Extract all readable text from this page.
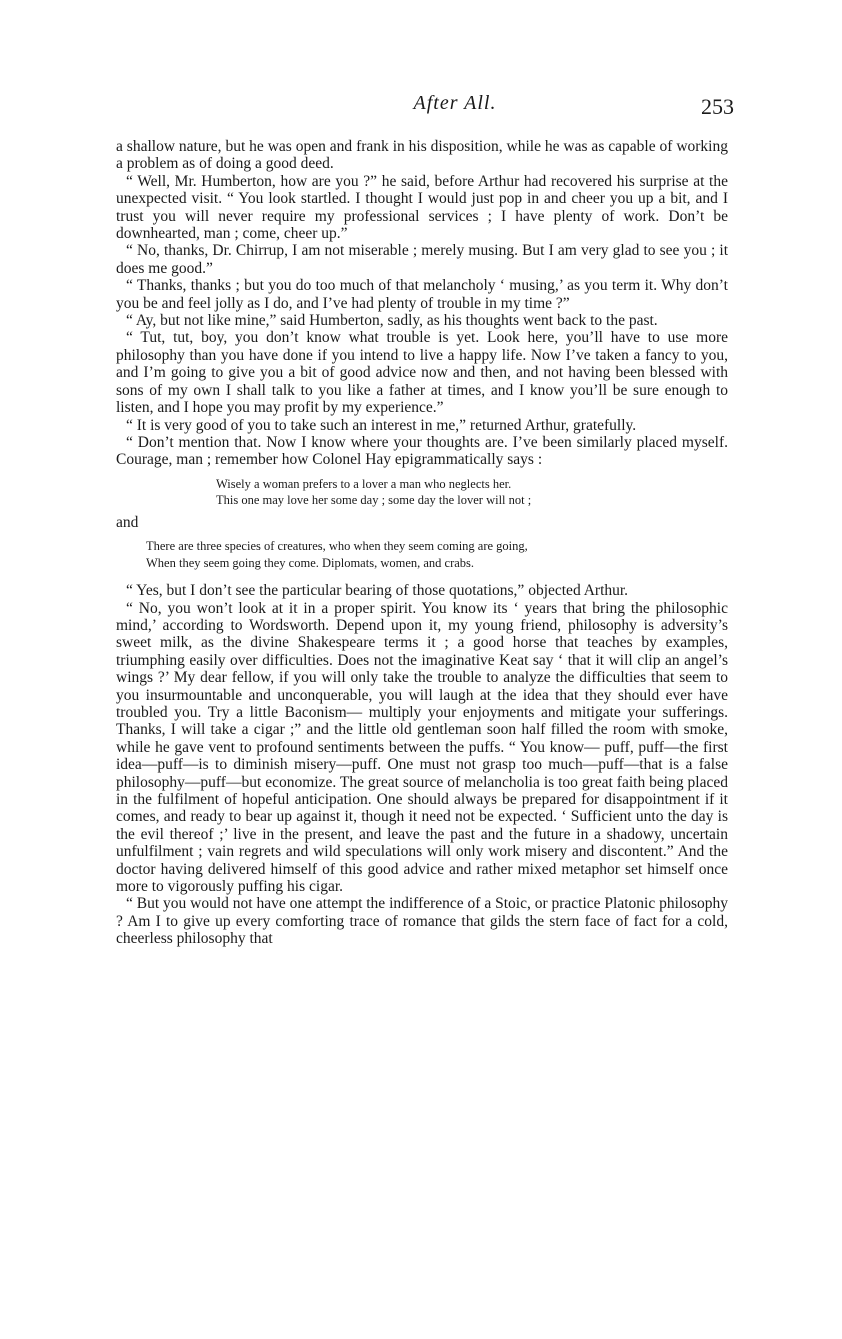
After All.	253

a shallow nature, but he was open and frank in his disposition, while he was as capable of working a problem as of doing a good deed.

“ Well, Mr. Humberton, how are you ?” he said, before Arthur had recovered his surprise at the unexpected visit. “ You look startled. I thought I would just pop in and cheer you up a bit, and I trust you will never require my professional services ; I have plenty of work. Don’t be downhearted, man ; come, cheer up.”

“ No, thanks, Dr. Chirrup, I am not miserable ; merely musing. But I am very glad to see you ; it does me good.”

“ Thanks, thanks ; but you do too much of that melancholy ‘ musing,’ as you term it. Why don’t you be and feel jolly as I do, and I’ve had plenty of trouble in my time ?”

“ Ay, but not like mine,” said Humberton, sadly, as his thoughts went back to the past.

“ Tut, tut, boy, you don’t know what trouble is yet. Look here, you’ll have to use more philosophy than you have done if you intend to live a happy life. Now I’ve taken a fancy to you, and I’m going to give you a bit of good advice now and then, and not having been blessed with sons of my own I shall talk to you like a father at times, and I know you’ll be sure enough to listen, and I hope you may profit by my experience.”

“ It is very good of you to take such an interest in me,” returned Arthur, gratefully.

“ Don’t mention that. Now I know where your thoughts are. I’ve been similarly placed myself. Courage, man ; remember how Colonel Hay epigrammatically says :

Wisely a woman prefers to a lover a man who neglects her.
This one may love her some day ; some day the lover will not ;

and

There are three species of creatures, who when they seem coming are going,
When they seem going they come. Diplomats, women, and crabs.

“ Yes, but I don’t see the particular bearing of those quotations,” objected Arthur.

“ No, you won’t look at it in a proper spirit. You know its ‘ years that bring the philosophic mind,’ according to Wordsworth. Depend upon it, my young friend, philosophy is adversity’s sweet milk, as the divine Shakespeare terms it ; a good horse that teaches by examples, triumphing easily over difficulties. Does not the imaginative Keat say ‘ that it will clip an angel’s wings ?’ My dear fellow, if you will only take the trouble to analyze the difficulties that seem to you insurmountable and unconquerable, you will laugh at the idea that they should ever have troubled you. Try a little Baconism— multiply your enjoyments and mitigate your sufferings. Thanks, I will take a cigar ;” and the little old gentleman soon half filled the room with smoke, while he gave vent to profound sentiments between the puffs. “ You know— puff, puff—the first idea—puff—is to diminish misery—puff. One must not grasp too much—puff—that is a false philosophy—puff—but economize. The great source of melancholia is too great faith being placed in the fulfilment of hopeful anticipation. One should always be prepared for disappointment if it comes, and ready to bear up against it, though it need not be expected. ‘ Sufficient unto the day is the evil thereof ;’ live in the present, and leave the past and the future in a shadowy, uncertain unfulfilment ; vain regrets and wild speculations will only work misery and discontent.” And the doctor having delivered himself of this good advice and rather mixed metaphor set himself once more to vigorously puffing his cigar.

“ But you would not have one attempt the indifference of a Stoic, or practice Platonic philosophy ? Am I to give up every comforting trace of romance that gilds the stern face of fact for a cold, cheerless philosophy that
